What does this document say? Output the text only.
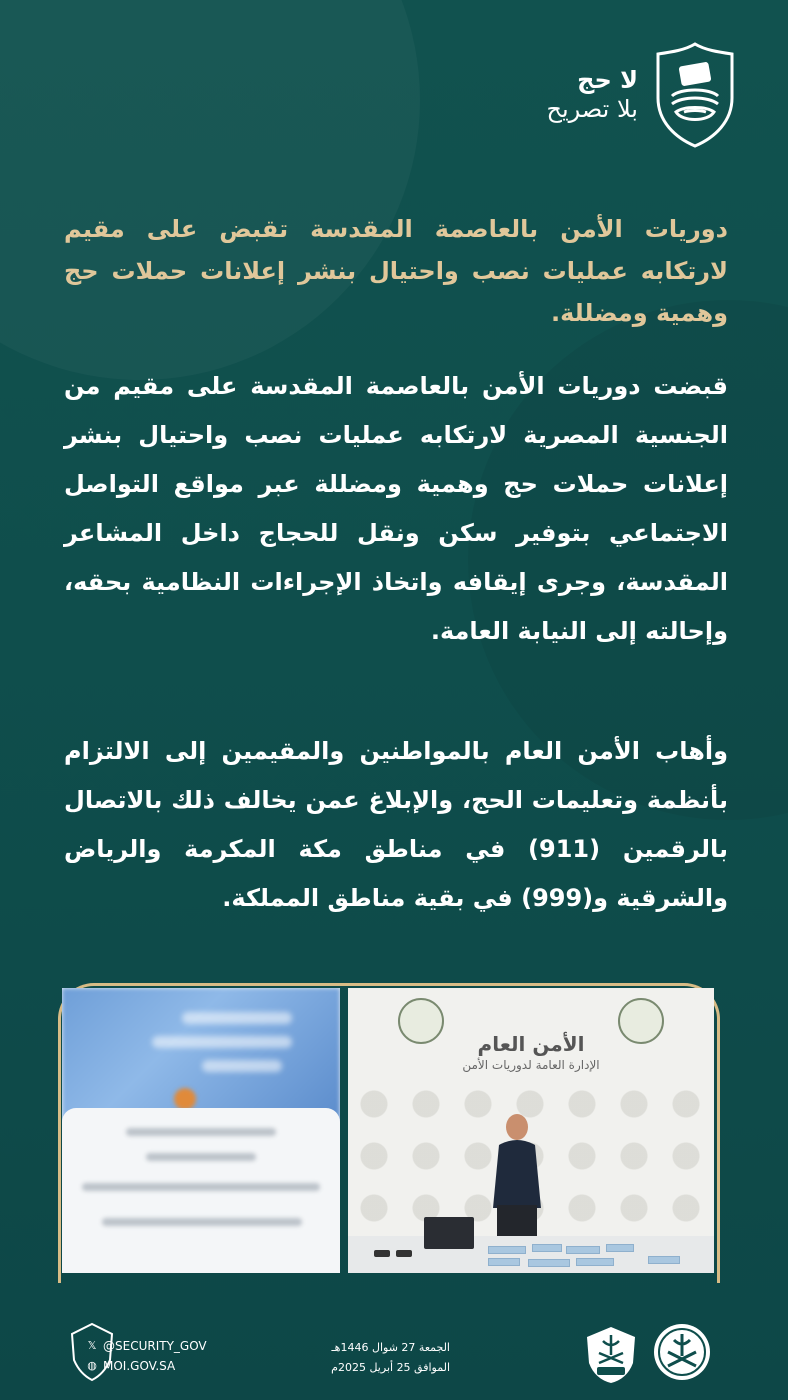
لا حج
بلا تصريح
دوريات الأمن بالعاصمة المقدسة تقبض على مقيم لارتكابه عمليات نصب واحتيال بنشر إعلانات حملات حج وهمية ومضللة.
قبضت دوريات الأمن بالعاصمة المقدسة على مقيم من الجنسية المصرية لارتكابه عمليات نصب واحتيال بنشر إعلانات حملات حج وهمية ومضللة عبر مواقع التواصل الاجتماعي بتوفير سكن ونقل للحجاج داخل المشاعر المقدسة، وجرى إيقافه واتخاذ الإجراءات النظامية بحقه، وإحالته إلى النيابة العامة.
وأهاب الأمن العام بالمواطنين والمقيمين إلى الالتزام بأنظمة وتعليمات الحج، والإبلاغ عمن يخالف ذلك بالاتصال بالرقمين (911) في مناطق مكة المكرمة والرياض والشرقية و(999) في بقية مناطق المملكة.
الأمن العام
الإدارة العامة لدوريات الأمن
الجمعة 27 شوال 1446هـ
الموافق 25 أبريل 2025م
𝕏 @SECURITY_GOV
◍ MOI.GOV.SA
